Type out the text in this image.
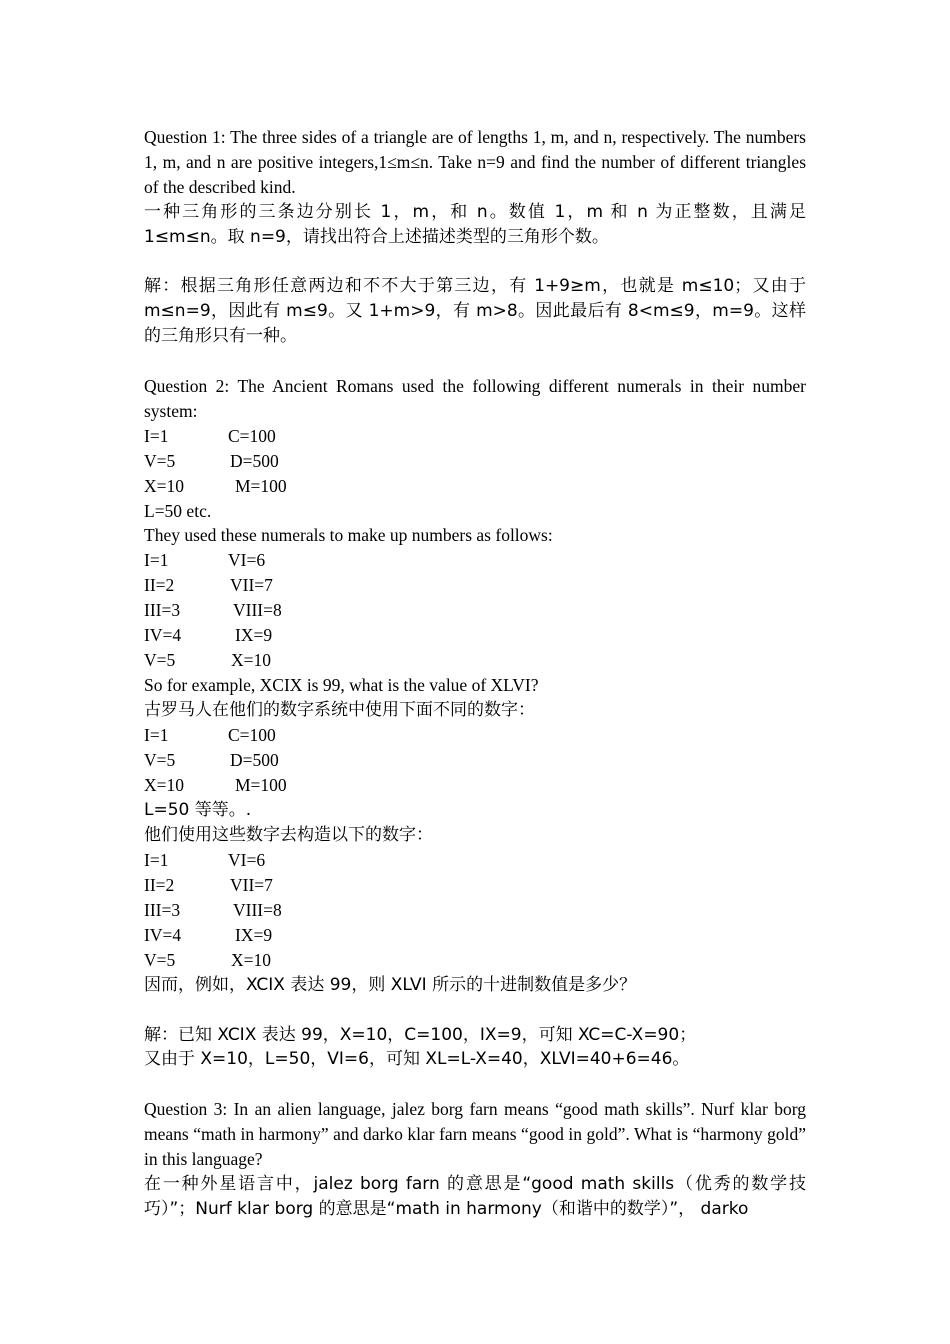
Question 1: The three sides of a triangle are of lengths 1, m, and n, respectively. The numbers 1, m, and n are positive integers,1≤m≤n. Take n=9 and find the number of different triangles of the described kind.

一种三角形的三条边分别长 1，m，和 n。数值 1，m 和 n 为正整数，且满足 1≤m≤n。取 n=9，请找出符合上述描述类型的三角形个数。

解：根据三角形任意两边和不不大于第三边，有 1+9≥m，也就是 m≤10；又由于 m≤n=9，因此有 m≤9。又 1+m>9，有 m>8。因此最后有 8<m≤9，m=9。这样的三角形只有一种。

Question 2: The Ancient Romans used the following different numerals in their number system:

I=1	C=100
V=5	D=500
X=10	M=100

L=50 etc.

They used these numerals to make up numbers as follows:

I=1	VI=6
II=2	VII=7
III=3	VIII=8
IV=4	IX=9
V=5	X=10

So for example, XCIX is 99, what is the value of XLVI?

古罗马人在他们的数字系统中使用下面不同的数字：

I=1	C=100
V=5	D=500
X=10	M=100

L=50 等等。.

他们使用这些数字去构造以下的数字：

I=1	VI=6
II=2	VII=7
III=3	VIII=8
IV=4	IX=9
V=5	X=10

因而，例如，XCIX 表达 99，则 XLVI 所示的十进制数值是多少？

解：已知 XCIX 表达 99，X=10，C=100，IX=9，可知 XC=C-X=90；

又由于 X=10，L=50，VI=6，可知 XL=L-X=40，XLVI=40+6=46。

Question 3: In an alien language, jalez borg farn means “good math skills”. Nurf klar borg means “math in harmony” and darko klar farn means “good in gold”. What is “harmony gold” in this language?

在一种外星语言中，jalez borg farn 的意思是“good math skills（优秀的数学技巧）”；Nurf klar borg 的意思是“math in harmony（和谐中的数学）”， darko
